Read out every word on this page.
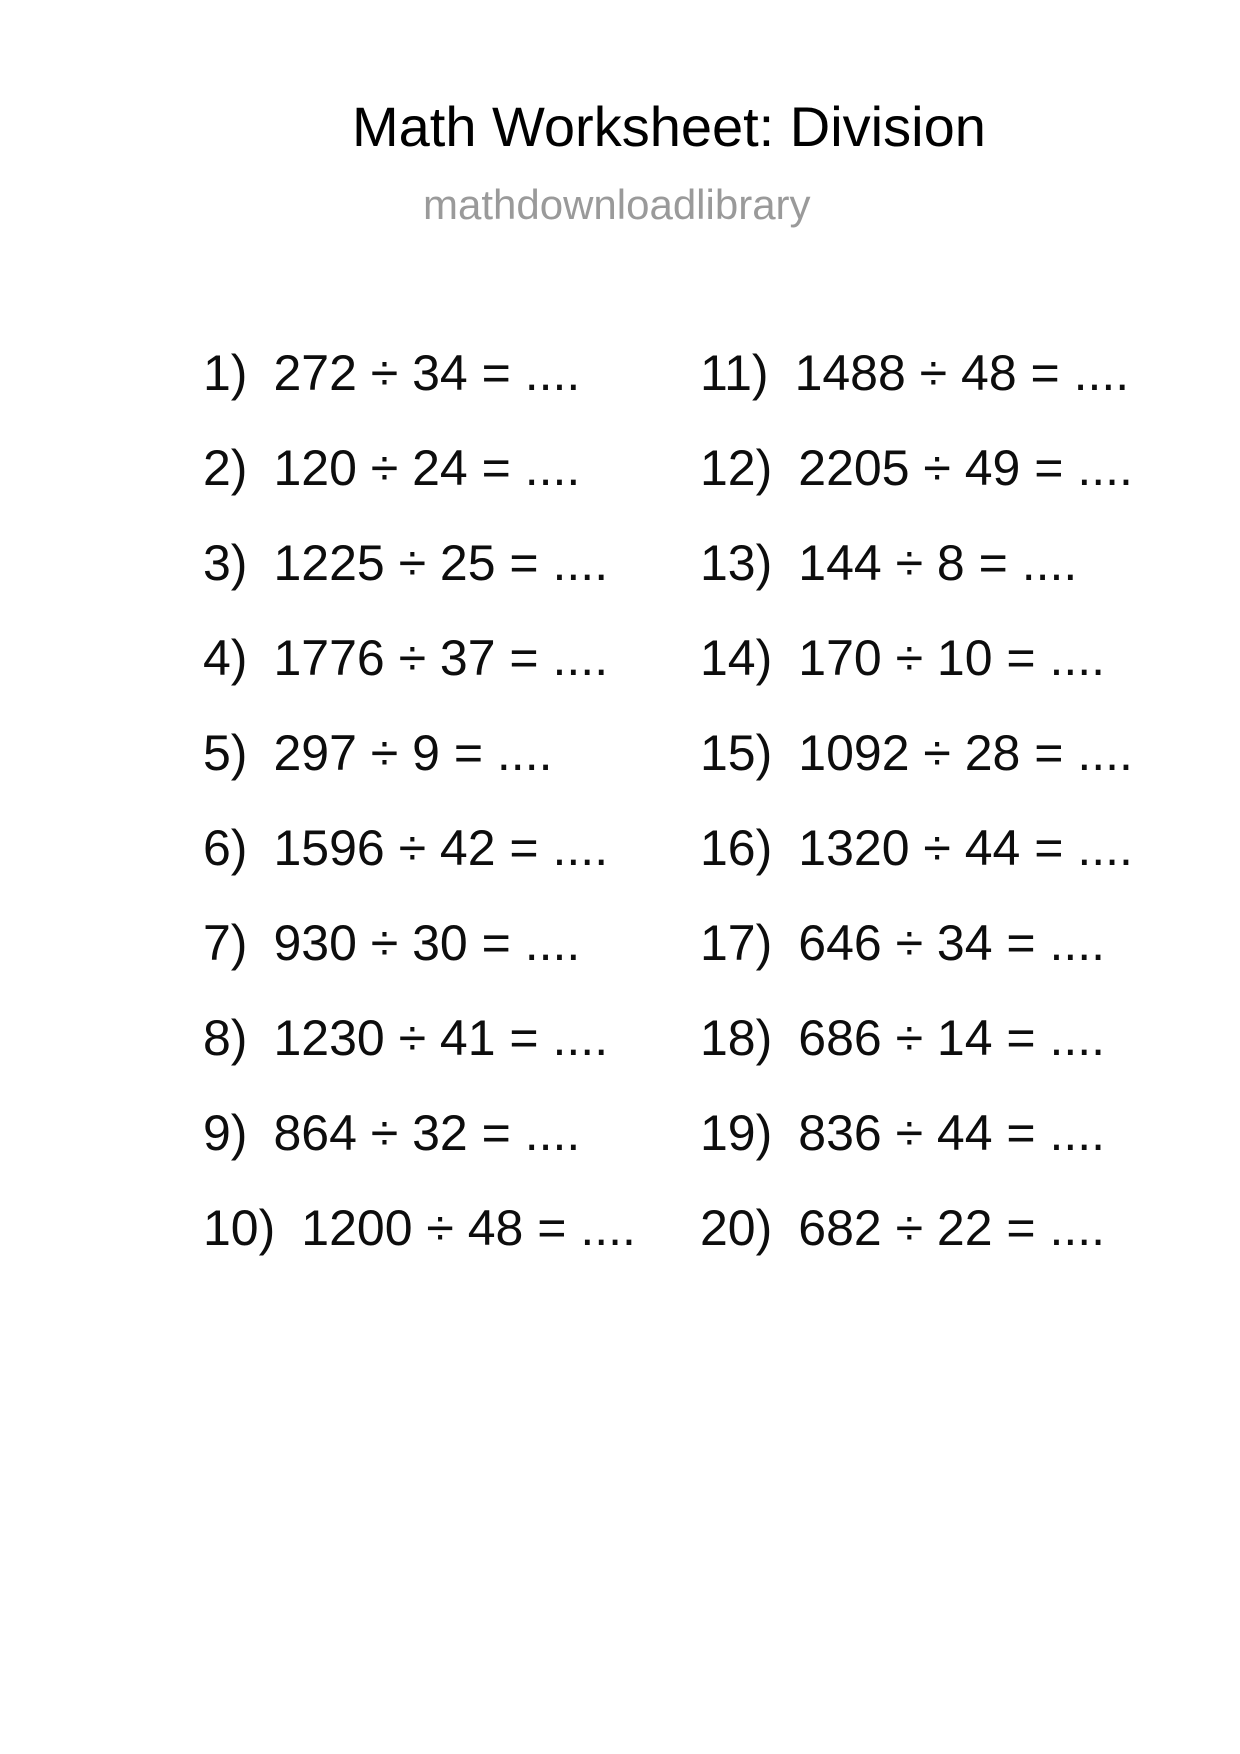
Math Worksheet: Division
mathdownloadlibrary
1) 272 ÷ 34 = ....
2) 120 ÷ 24 = ....
3) 1225 ÷ 25 = ....
4) 1776 ÷ 37 = ....
5) 297 ÷ 9 = ....
6) 1596 ÷ 42 = ....
7) 930 ÷ 30 = ....
8) 1230 ÷ 41 = ....
9) 864 ÷ 32 = ....
10) 1200 ÷ 48 = ....
11) 1488 ÷ 48 = ....
12) 2205 ÷ 49 = ....
13) 144 ÷ 8 = ....
14) 170 ÷ 10 = ....
15) 1092 ÷ 28 = ....
16) 1320 ÷ 44 = ....
17) 646 ÷ 34 = ....
18) 686 ÷ 14 = ....
19) 836 ÷ 44 = ....
20) 682 ÷ 22 = ....
